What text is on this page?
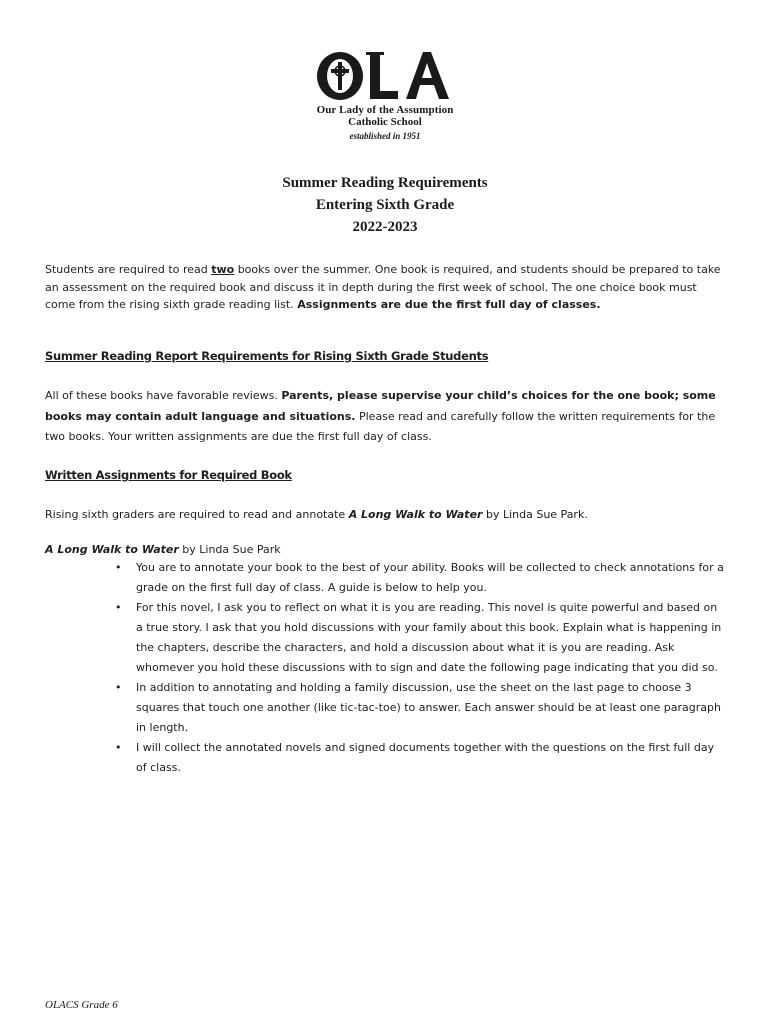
Our Lady of the Assumption
Catholic School
established in 1951
Summer Reading Requirements
Entering Sixth Grade
2022-2023
Students are required to read two books over the summer. One book is required, and students should be prepared to take an assessment on the required book and discuss it in depth during the first week of school. The one choice book must come from the rising sixth grade reading list. Assignments are due the first full day of classes.
Summer Reading Report Requirements for Rising Sixth Grade Students
All of these books have favorable reviews. Parents, please supervise your child’s choices for the one book; some books may contain adult language and situations. Please read and carefully follow the written requirements for the two books. Your written assignments are due the first full day of class.
Written Assignments for Required Book
Rising sixth graders are required to read and annotate A Long Walk to Water by Linda Sue Park.
A Long Walk to Water by Linda Sue Park
• You are to annotate your book to the best of your ability. Books will be collected to check annotations for a grade on the first full day of class. A guide is below to help you.
• For this novel, I ask you to reflect on what it is you are reading. This novel is quite powerful and based on a true story. I ask that you hold discussions with your family about this book. Explain what is happening in the chapters, describe the characters, and hold a discussion about what it is you are reading. Ask whomever you hold these discussions with to sign and date the following page indicating that you did so.
• In addition to annotating and holding a family discussion, use the sheet on the last page to choose 3 squares that touch one another (like tic-tac-toe) to answer. Each answer should be at least one paragraph in length.
• I will collect the annotated novels and signed documents together with the questions on the first full day of class.
OLACS Grade 6
